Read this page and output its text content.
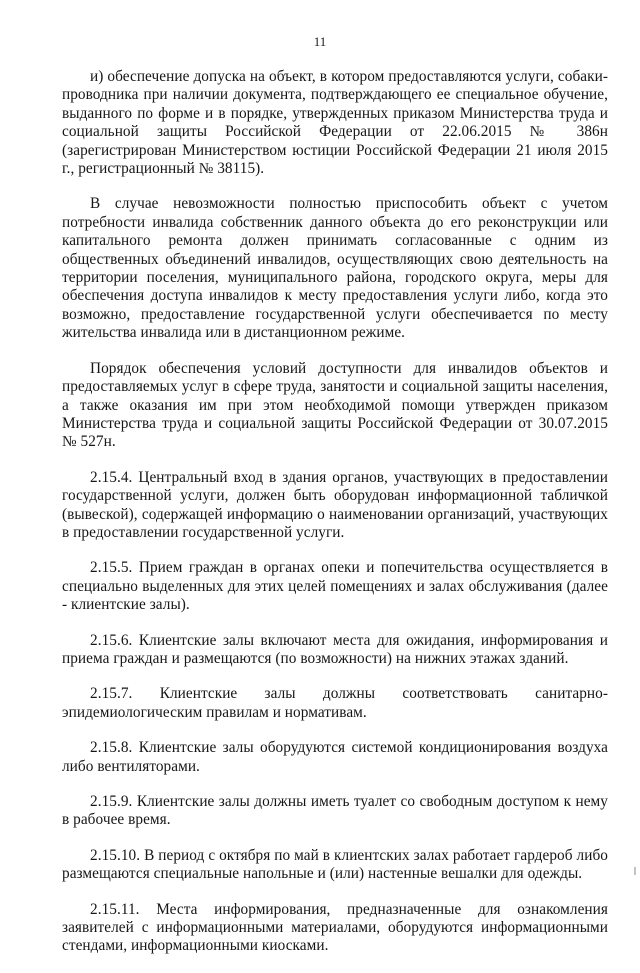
11

и) обеспечение допуска на объект, в котором предоставляются услуги, собаки-проводника при наличии документа, подтверждающего ее специальное обучение, выданного по форме и в порядке, утвержденных приказом Министерства труда и социальной защиты Российской Федерации от 22.06.2015 № 386н (зарегистрирован Министерством юстиции Российской Федерации 21 июля 2015 г., регистрационный № 38115).

В случае невозможности полностью приспособить объект с учетом потребности инвалида собственник данного объекта до его реконструкции или капитального ремонта должен принимать согласованные с одним из общественных объединений инвалидов, осуществляющих свою деятельность на территории поселения, муниципального района, городского округа, меры для обеспечения доступа инвалидов к месту предоставления услуги либо, когда это возможно, предоставление государственной услуги обеспечивается по месту жительства инвалида или в дистанционном режиме.

Порядок обеспечения условий доступности для инвалидов объектов и предоставляемых услуг в сфере труда, занятости и социальной защиты населения, а также оказания им при этом необходимой помощи утвержден приказом Министерства труда и социальной защиты Российской Федерации от 30.07.2015 № 527н.

2.15.4. Центральный вход в здания органов, участвующих в предоставлении государственной услуги, должен быть оборудован информационной табличкой (вывеской), содержащей информацию о наименовании организаций, участвующих в предоставлении государственной услуги.

2.15.5. Прием граждан в органах опеки и попечительства осуществляется в специально выделенных для этих целей помещениях и залах обслуживания (далее - клиентские залы).

2.15.6. Клиентские залы включают места для ожидания, информирования и приема граждан и размещаются (по возможности) на нижних этажах зданий.

2.15.7. Клиентские залы должны соответствовать санитарно-эпидемиологическим правилам и нормативам.

2.15.8. Клиентские залы оборудуются системой кондиционирования воздуха либо вентиляторами.

2.15.9. Клиентские залы должны иметь туалет со свободным доступом к нему в рабочее время.

2.15.10. В период с октября по май в клиентских залах работает гардероб либо размещаются специальные напольные и (или) настенные вешалки для одежды.

2.15.11. Места информирования, предназначенные для ознакомления заявителей с информационными материалами, оборудуются информационными стендами, информационными киосками.
